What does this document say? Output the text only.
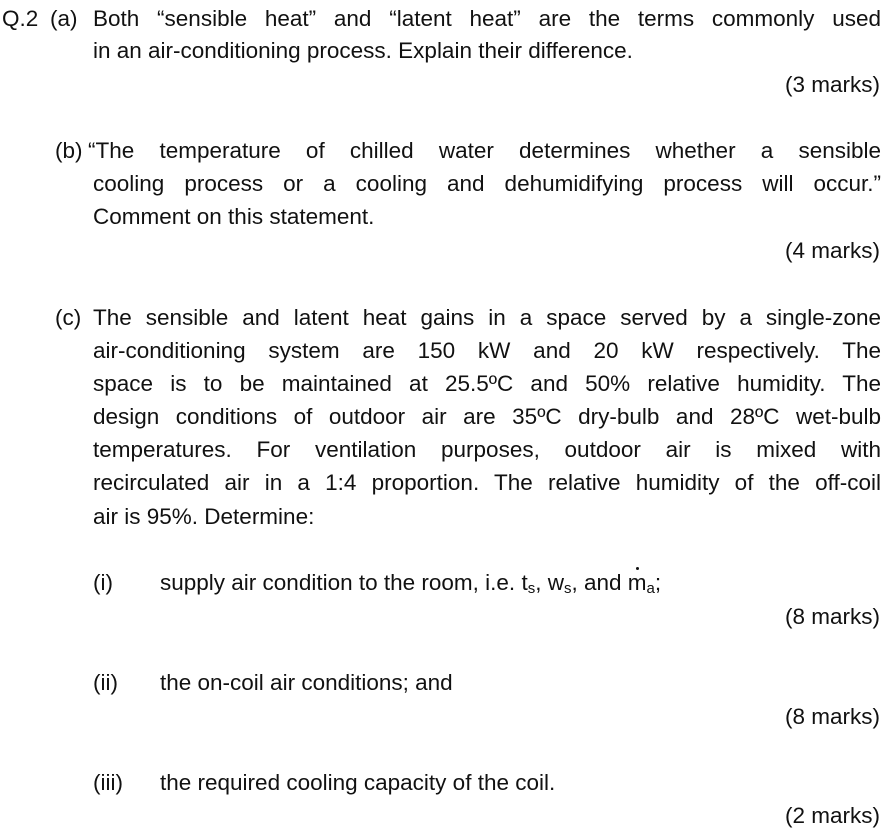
Q.2 (a) Both “sensible heat” and “latent heat” are the terms commonly used
in an air-conditioning process. Explain their difference.
(3 marks)
(b) “The temperature of chilled water determines whether a sensible
cooling process or a cooling and dehumidifying process will occur.”
Comment on this statement.
(4 marks)
(c) The sensible and latent heat gains in a space served by a single-zone
air-conditioning system are 150 kW and 20 kW respectively. The
space is to be maintained at 25.5ºC and 50% relative humidity. The
design conditions of outdoor air are 35ºC dry-bulb and 28ºC wet-bulb
temperatures. For ventilation purposes, outdoor air is mixed with
recirculated air in a 1:4 proportion. The relative humidity of the off-coil
air is 95%. Determine:
(i) supply air condition to the room, i.e. $t_s$, $w_s$, and $m_a$;
(8 marks)
(ii) the on-coil air conditions; and
(8 marks)
(iii) the required cooling capacity of the coil.
(2 marks)
